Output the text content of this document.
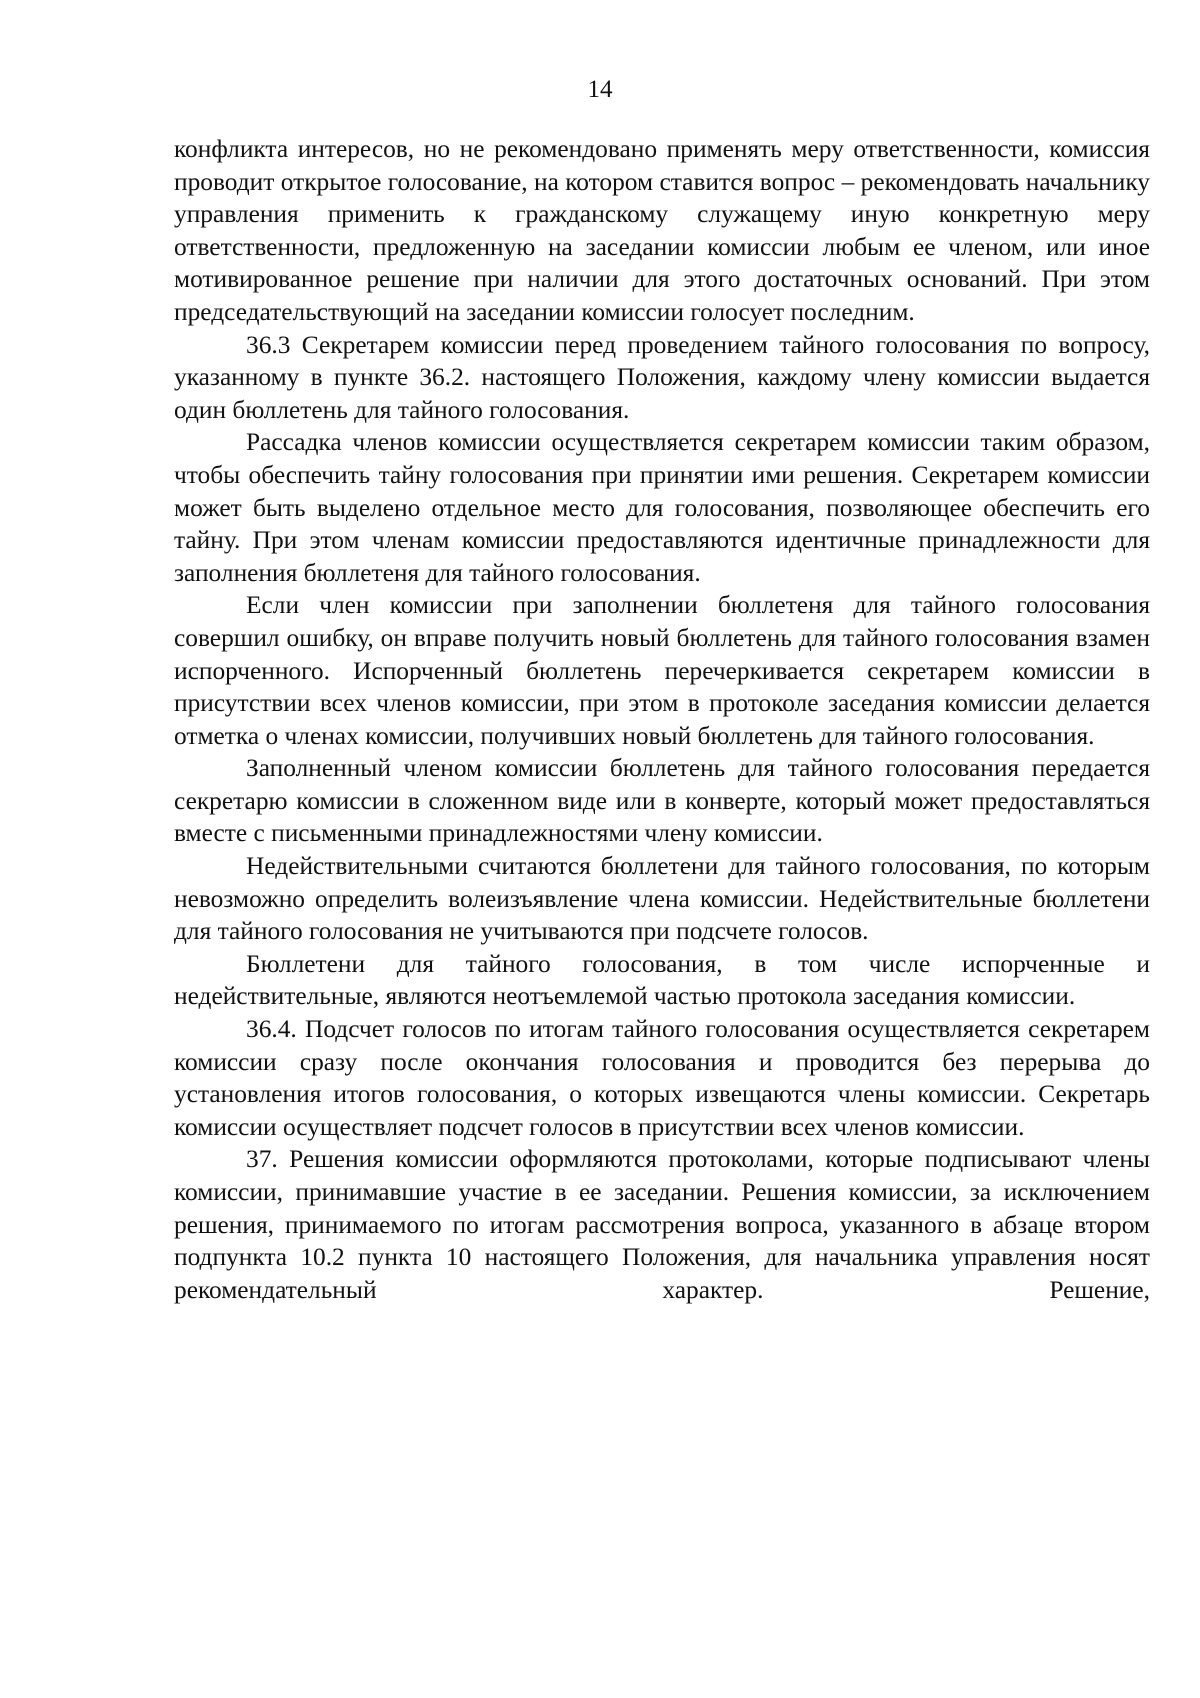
14

конфликта интересов, но не рекомендовано применять меру ответственности, комиссия проводит открытое голосование, на котором ставится вопрос – рекомендовать начальнику управления применить к гражданскому служащему иную конкретную меру ответственности, предложенную на заседании комиссии любым ее членом, или иное мотивированное решение при наличии для этого достаточных оснований. При этом председательствующий на заседании комиссии голосует последним.

36.3 Секретарем комиссии перед проведением тайного голосования по вопросу, указанному в пункте 36.2. настоящего Положения, каждому члену комиссии выдается один бюллетень для тайного голосования.

Рассадка членов комиссии осуществляется секретарем комиссии таким образом, чтобы обеспечить тайну голосования при принятии ими решения. Секретарем комиссии может быть выделено отдельное место для голосования, позволяющее обеспечить его тайну. При этом членам комиссии предоставляются идентичные принадлежности для заполнения бюллетеня для тайного голосования.

Если член комиссии при заполнении бюллетеня для тайного голосования совершил ошибку, он вправе получить новый бюллетень для тайного голосования взамен испорченного. Испорченный бюллетень перечеркивается секретарем комиссии в присутствии всех членов комиссии, при этом в протоколе заседания комиссии делается отметка о членах комиссии, получивших новый бюллетень для тайного голосования.

Заполненный членом комиссии бюллетень для тайного голосования передается секретарю комиссии в сложенном виде или в конверте, который может предоставляться вместе с письменными принадлежностями члену комиссии.

Недействительными считаются бюллетени для тайного голосования, по которым невозможно определить волеизъявление члена комиссии. Недействительные бюллетени для тайного голосования не учитываются при подсчете голосов.

Бюллетени для тайного голосования, в том числе испорченные и недействительные, являются неотъемлемой частью протокола заседания комиссии.

36.4. Подсчет голосов по итогам тайного голосования осуществляется секретарем комиссии сразу после окончания голосования и проводится без перерыва до установления итогов голосования, о которых извещаются члены комиссии. Секретарь комиссии осуществляет подсчет голосов в присутствии всех членов комиссии.

37. Решения комиссии оформляются протоколами, которые подписывают члены комиссии, принимавшие участие в ее заседании. Решения комиссии, за исключением решения, принимаемого по итогам рассмотрения вопроса, указанного в абзаце втором подпункта 10.2 пункта 10 настоящего Положения, для начальника управления носят рекомендательный характер. Решение,
